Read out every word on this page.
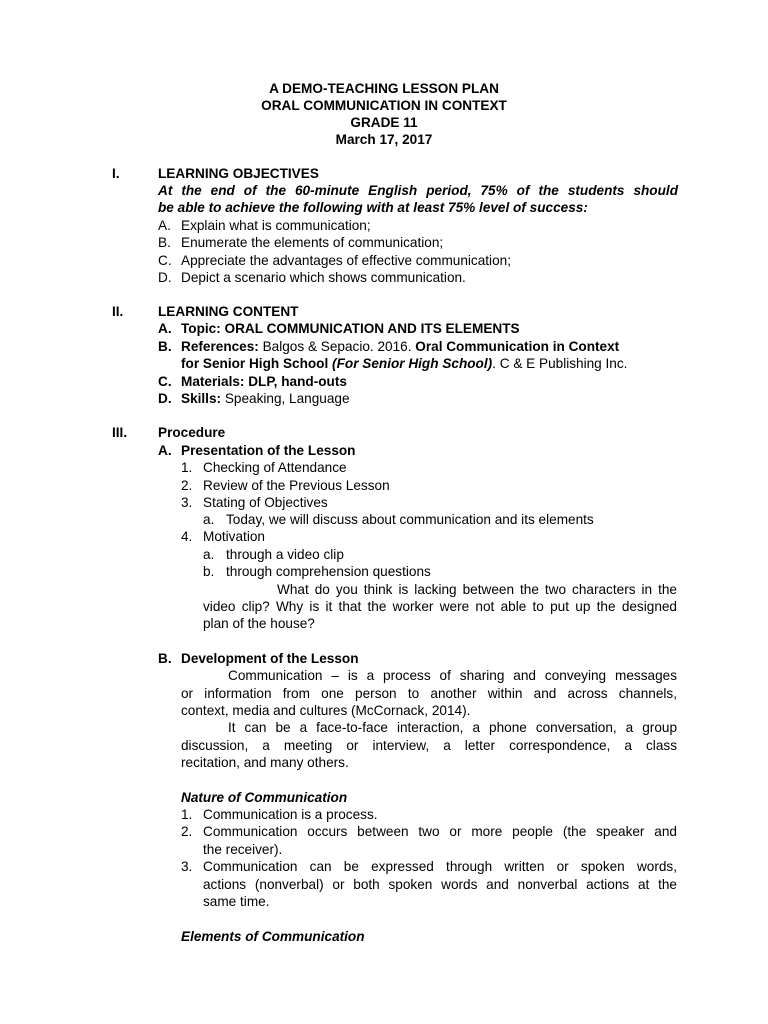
A DEMO-TEACHING LESSON PLAN
ORAL COMMUNICATION IN CONTEXT
GRADE 11
March 17, 2017
I.	LEARNING OBJECTIVES
At the end of the 60-minute English period, 75% of the students should
be able to achieve the following with at least 75% level of success:
A. Explain what is communication;
B. Enumerate the elements of communication;
C. Appreciate the advantages of effective communication;
D. Depict a scenario which shows communication.
II.	LEARNING CONTENT
A. Topic: ORAL COMMUNICATION AND ITS ELEMENTS
B. References: Balgos & Sepacio. 2016. Oral Communication in Context
for Senior High School (For Senior High School). C & E Publishing Inc.
C. Materials: DLP, hand-outs
D. Skills: Speaking, Language
III. Procedure
A. Presentation of the Lesson
1. Checking of Attendance
2. Review of the Previous Lesson
3. Stating of Objectives
a. Today, we will discuss about communication and its elements
4. Motivation
a. through a video clip
b. through comprehension questions
What do you think is lacking between the two characters in the
video clip? Why is it that the worker were not able to put up the designed
plan of the house?
B. Development of the Lesson
Communication – is a process of sharing and conveying messages
or information from one person to another within and across channels,
context, media and cultures (McCornack, 2014).
It can be a face-to-face interaction, a phone conversation, a group
discussion, a meeting or interview, a letter correspondence, a class
recitation, and many others.
Nature of Communication
1. Communication is a process.
2. Communication occurs between two or more people (the speaker and
the receiver).
3. Communication can be expressed through written or spoken words,
actions (nonverbal) or both spoken words and nonverbal actions at the
same time.
Elements of Communication
